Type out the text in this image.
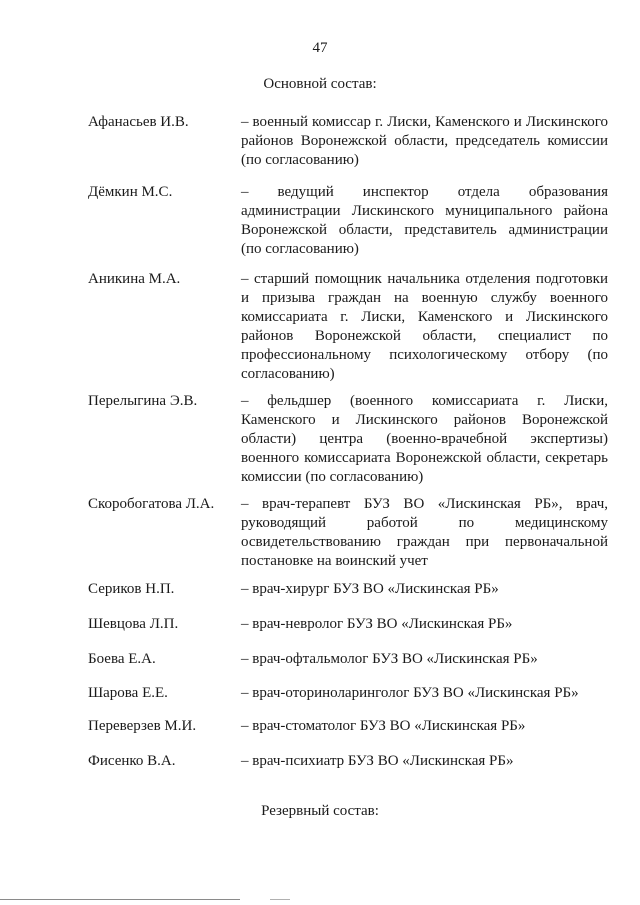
47
Основной состав:
Афанасьев И.В.	– военный комиссар г. Лиски, Каменского и Лискинского районов Воронежской области, председатель комиссии (по согласованию)
Дёмкин М.С.	– ведущий инспектор отдела образования администрации Лискинского муниципального района Воронежской области, представитель администрации (по согласованию)
Аникина М.А.	– старший помощник начальника отделения подготовки и призыва граждан на военную службу военного комиссариата г. Лиски, Каменского и Лискинского районов Воронежской области, специалист по профессиональному психологическому отбору (по согласованию)
Перелыгина Э.В.	– фельдшер (военного комиссариата г. Лиски, Каменского и Лискинского районов Воронежской области) центра (военно-врачебной экспертизы) военного комиссариата Воронежской области, секретарь комиссии (по согласованию)
Скоробогатова Л.А.	– врач-терапевт БУЗ ВО «Лискинская РБ», врач, руководящий работой по медицинскому освидетельствованию граждан при первоначальной постановке на воинский учет
Сериков Н.П.	– врач-хирург БУЗ ВО «Лискинская РБ»
Шевцова Л.П.	– врач-невролог БУЗ ВО «Лискинская РБ»
Боева Е.А.	– врач-офтальмолог БУЗ ВО «Лискинская РБ»
Шарова Е.Е.	– врач-оториноларинголог БУЗ ВО «Лискинская РБ»
Переверзев М.И.	– врач-стоматолог БУЗ ВО «Лискинская РБ»
Фисенко В.А.	– врач-психиатр БУЗ ВО «Лискинская РБ»
Резервный состав:
